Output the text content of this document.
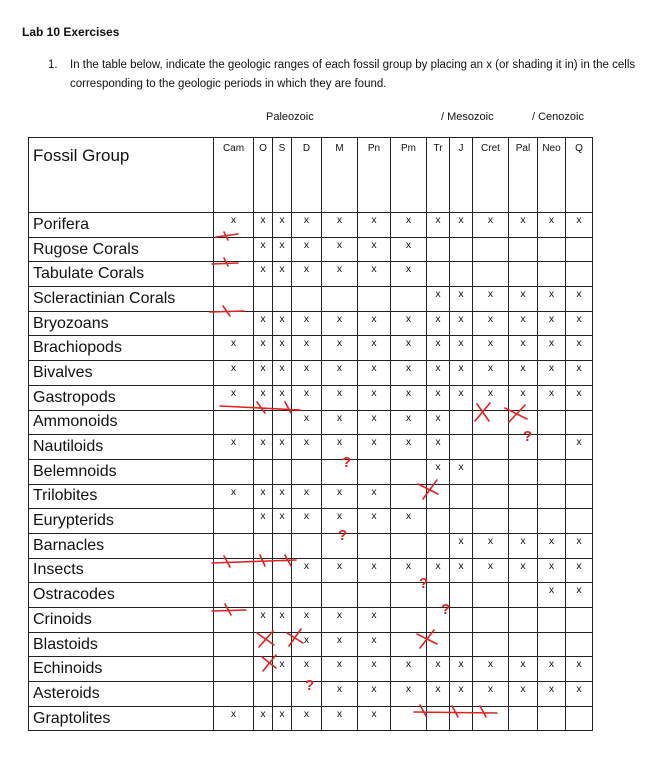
Lab 10 Exercises
1. In the table below, indicate the geologic ranges of each fossil group by placing an x (or shading it in) in the cells corresponding to the geologic periods in which they are found.
Paleozoic	/ Mesozoic	/ Cenozoic
Fossil Group	Cam	O	S	D	M	Pn	Pm	Tr	J	Cret	Pal	Neo	Q

Porifera	x	x	x	x	x	x	x	x	x	x	x	x	x
Rugose Corals		x	x	x	x	x	x						
Tabulate Corals		x	x	x	x	x	x						
Scleractinian Corals								x	x	x	x	x	x
Bryozoans		x	x	x	x	x	x	x	x	x	x	x	x
Brachiopods	x	x	x	x	x	x	x	x	x	x	x	x	x
Bivalves	x	x	x	x	x	x	x	x	x	x	x	x	x
Gastropods	x	x	x	x	x	x	x	x	x	x	x	x	x
Ammonoids				x	x	x	x	x					
Nautiloids	x	x	x	x	x	x	x	x					x
Belemnoids								x	x				
Trilobites	x	x	x	x	x	x							
Eurypterids		x	x	x	x	x	x						
Barnacles									x	x	x	x	x
Insects				x	x	x	x	x	x	x	x	x	x
Ostracodes												x	x
Crinoids		x	x	x	x	x							
Blastoids				x	x	x							
Echinoids			x	x	x	x	x	x	x	x	x	x	x
Asteroids					x	x	x	x	x	x	x	x	x
Graptolites	x	x	x	x	x	x							
?
?
?
?
?
?
